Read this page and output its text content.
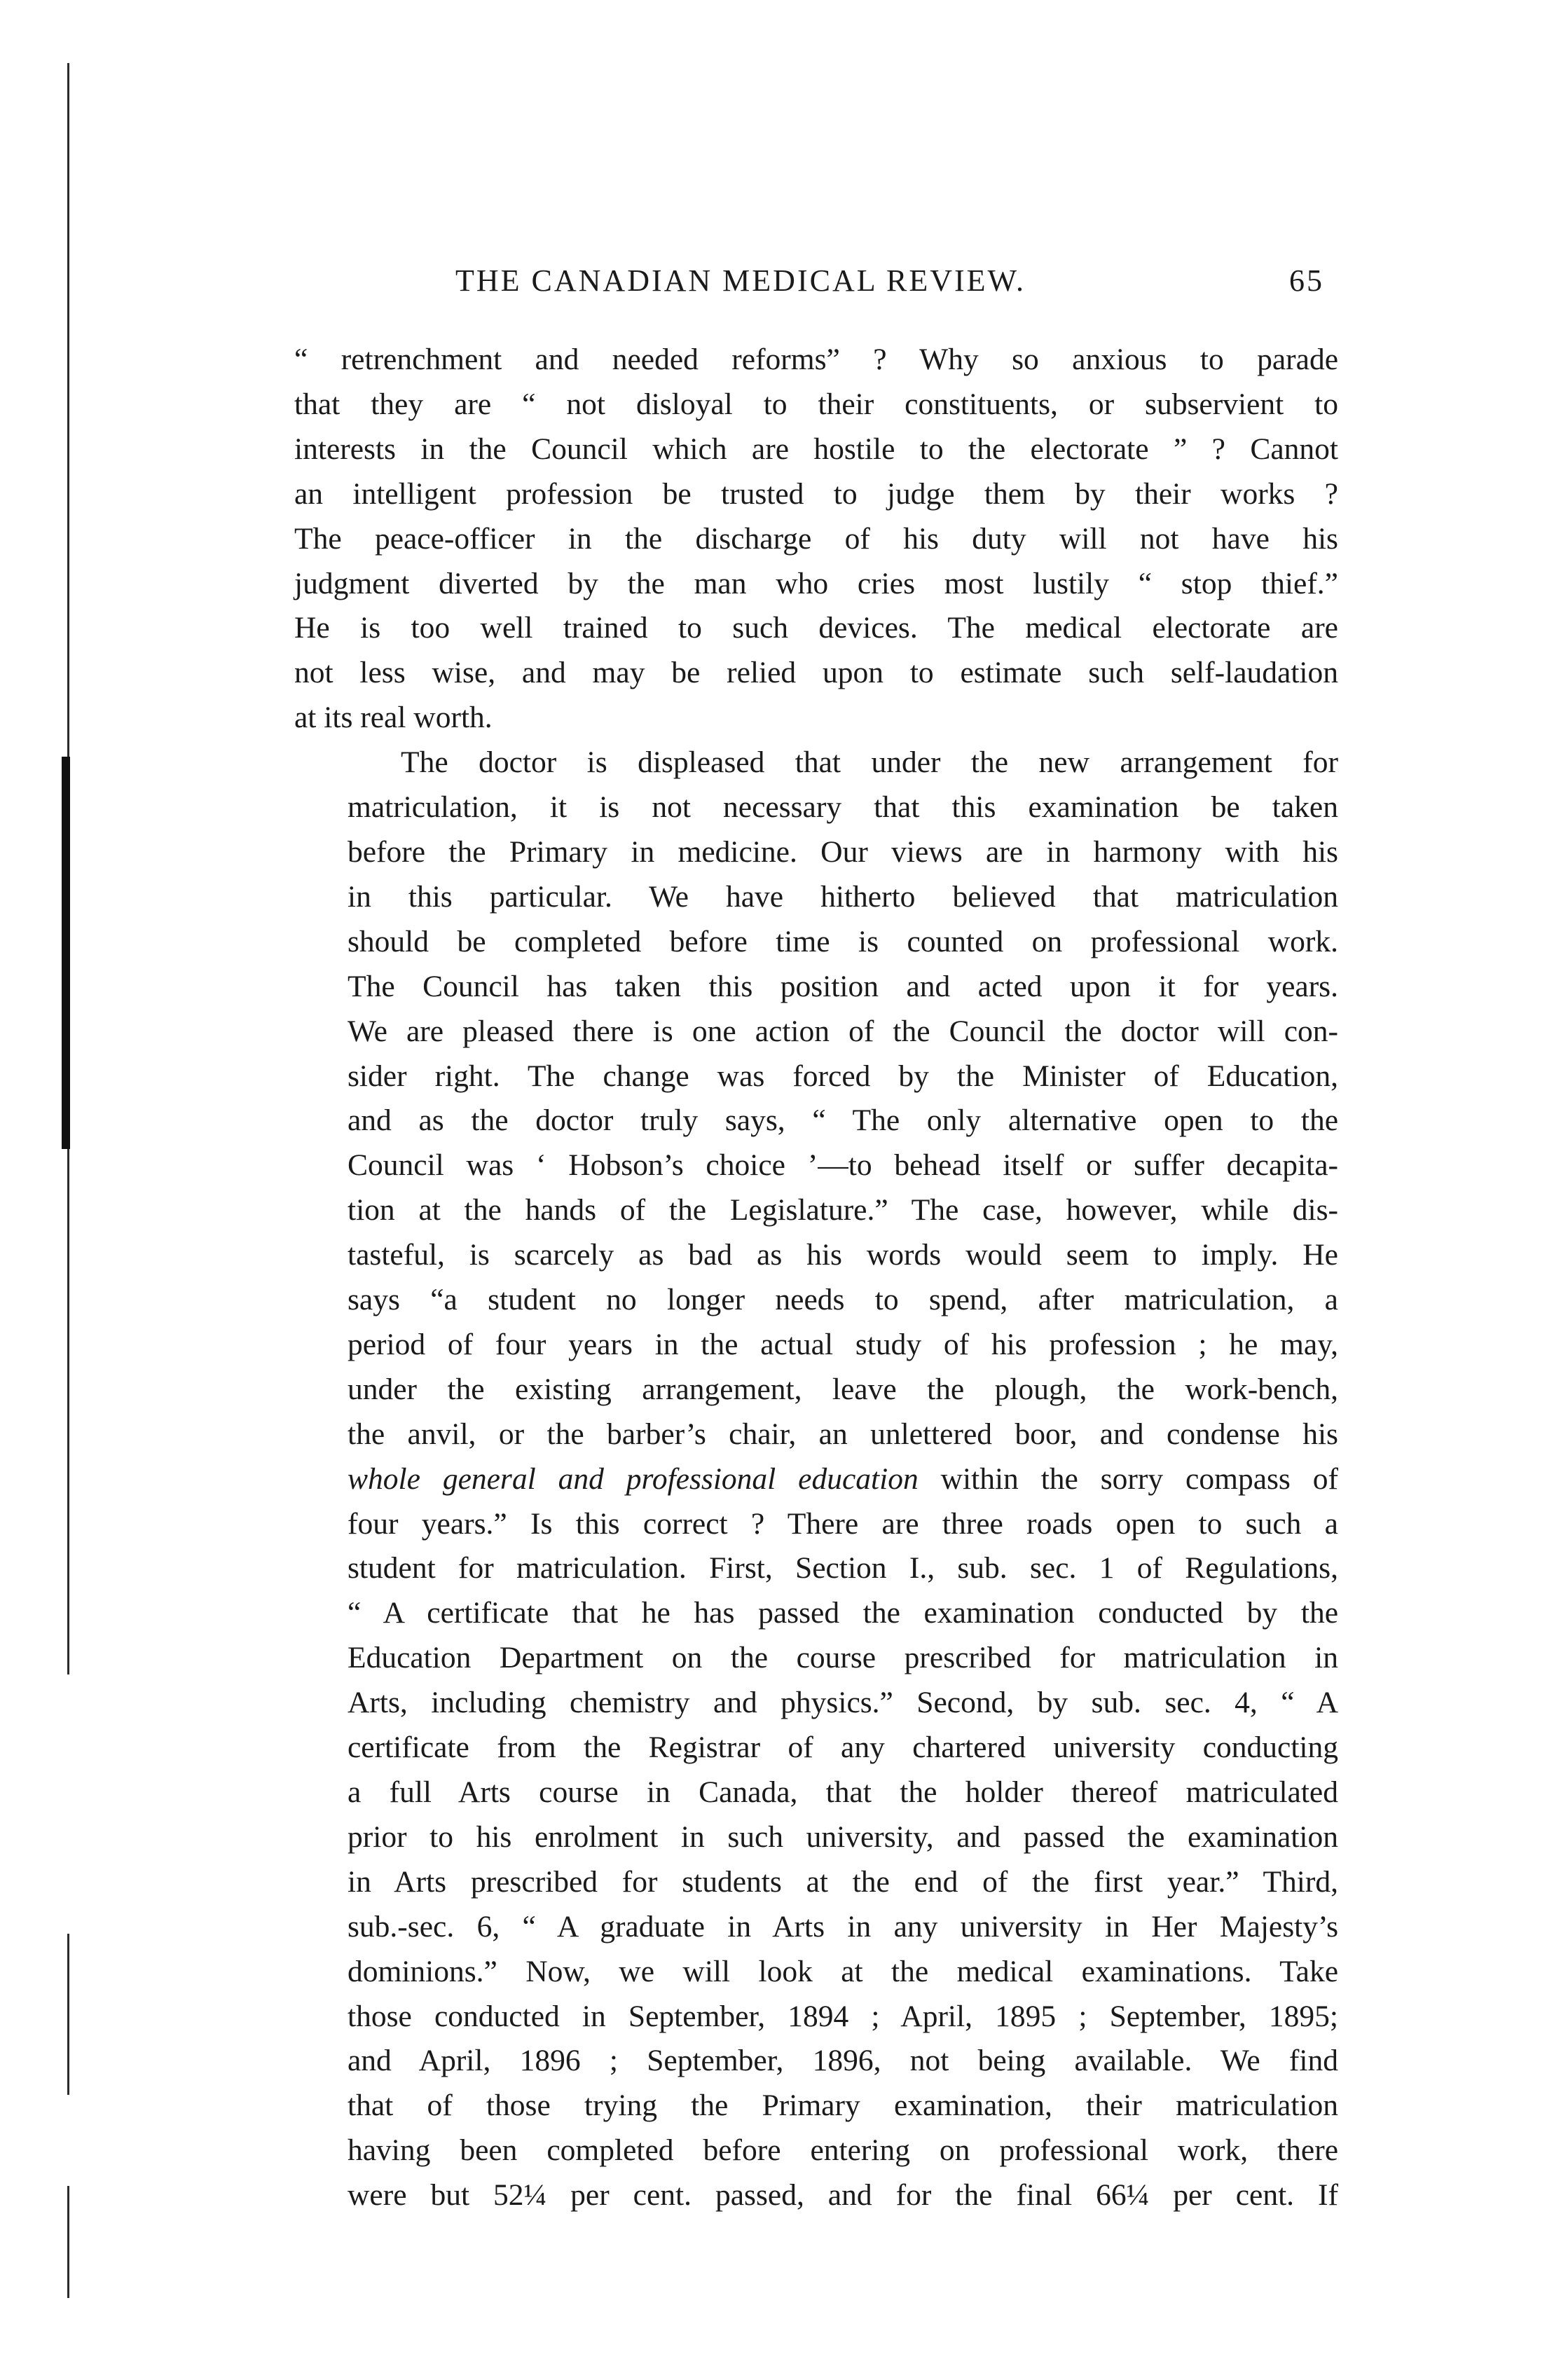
THE CANADIAN MEDICAL REVIEW.	65

“ retrenchment and needed reforms” ? Why so anxious to parade
that they are “ not disloyal to their constituents, or subservient to
interests in the Council which are hostile to the electorate ” ? Cannot
an intelligent profession be trusted to judge them by their works ?
The peace-officer in the discharge of his duty will not have his
judgment diverted by the man who cries most lustily “ stop thief.”
He is too well trained to such devices. The medical electorate are
not less wise, and may be relied upon to estimate such self-laudation
at its real worth.

The doctor is displeased that under the new arrangement for
matriculation, it is not necessary that this examination be taken
before the Primary in medicine. Our views are in harmony with his
in this particular. We have hitherto believed that matriculation
should be completed before time is counted on professional work.
The Council has taken this position and acted upon it for years.
We are pleased there is one action of the Council the doctor will con-
sider right. The change was forced by the Minister of Education,
and as the doctor truly says, “ The only alternative open to the
Council was ‘ Hobson’s choice ’—to behead itself or suffer decapita-
tion at the hands of the Legislature.” The case, however, while dis-
tasteful, is scarcely as bad as his words would seem to imply. He
says “a student no longer needs to spend, after matriculation, a
period of four years in the actual study of his profession ; he may,
under the existing arrangement, leave the plough, the work-bench,
the anvil, or the barber’s chair, an unlettered boor, and condense his
whole general and professional education within the sorry compass of
four years.” Is this correct ? There are three roads open to such a
student for matriculation. First, Section I., sub. sec. 1 of Regulations,
“ A certificate that he has passed the examination conducted by the
Education Department on the course prescribed for matriculation in
Arts, including chemistry and physics.” Second, by sub. sec. 4, “ A
certificate from the Registrar of any chartered university conducting
a full Arts course in Canada, that the holder thereof matriculated
prior to his enrolment in such university, and passed the examination
in Arts prescribed for students at the end of the first year.” Third,
sub.-sec. 6, “ A graduate in Arts in any university in Her Majesty’s
dominions.” Now, we will look at the medical examinations. Take
those conducted in September, 1894 ; April, 1895 ; September, 1895;
and April, 1896 ; September, 1896, not being available. We find
that of those trying the Primary examination, their matriculation
having been completed before entering on professional work, there
were but 52¼ per cent. passed, and for the final 66¼ per cent. If
